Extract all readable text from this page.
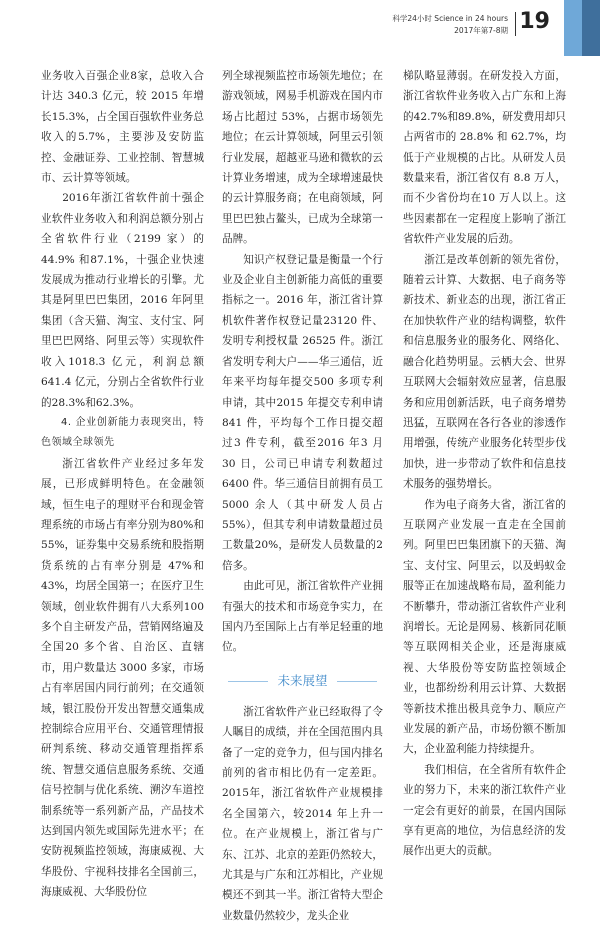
科学24小时 Science in 24 hours
2017年第7-8期 19

业务收入百强企业8家，总收入合计达 340.3 亿元，较 2015 年增长15.3%，占全国百强软件业务总收入的5.7%，主要涉及安防监控、金融证券、工业控制、智慧城市、云计算等领域。

2016年浙江省软件前十强企业软件业务收入和利润总额分别占全省软件行业（2199 家）的 44.9% 和87.1%，十强企业快速发展成为推动行业增长的引擎。尤其是阿里巴巴集团，2016 年阿里集团（含天猫、淘宝、支付宝、阿里巴巴网络、阿里云等）实现软件收入1018.3 亿元，利润总额641.4 亿元，分别占全省软件行业的28.3%和62.3%。

4. 企业创新能力表现突出，特色领域全球领先

浙江省软件产业经过多年发展，已形成鲜明特色。在金融领域，恒生电子的理财平台和现金管理系统的市场占有率分别为80%和55%，证券集中交易系统和股指期货系统的占有率分别是 47%和 43%，均居全国第一；在医疗卫生领域，创业软件拥有八大系列100 多个自主研发产品，营销网络遍及全国20 多个省、自治区、直辖市，用户数量达 3000 多家，市场占有率居国内同行前列；在交通领域，银江股份开发出智慧交通集成控制综合应用平台、交通管理情报研判系统、移动交通管理指挥系统、智慧交通信息服务系统、交通信号控制与优化系统、溯汐车道控制系统等一系列新产品，产品技术达到国内领先或国际先进水平；在安防视频监控领域，海康威视、大华股份、宇视科技排名全国前三，海康威视、大华股份位

列全球视频监控市场领先地位；在游戏领域，网易手机游戏在国内市场占比超过 53%，占据市场领先地位；在云计算领域，阿里云引领行业发展，超越亚马逊和微软的云计算业务增速，成为全球增速最快的云计算服务商；在电商领域，阿里巴巴独占鳌头，已成为全球第一品牌。

知识产权登记量是衡量一个行业及企业自主创新能力高低的重要指标之一。2016 年，浙江省计算机软件著作权登记量23120 件、发明专利授权量 26525 件。浙江省发明专利大户——华三通信，近年来平均每年提交500 多项专利申请，其中2015 年提交专利申请841 件，平均每个工作日提交超过3 件专利，截至2016 年3 月 30 日，公司已申请专利数超过6400 件。华三通信目前拥有员工5000 余人（其中研发人员占55%），但其专利申请数量超过员工数量20%，是研发人员数量的2 倍多。

由此可见，浙江省软件产业拥有强大的技术和市场竞争实力，在国内乃至国际上占有举足轻重的地位。

未来展望

浙江省软件产业已经取得了令人瞩目的成绩，并在全国范围内具备了一定的竞争力，但与国内排名前列的省市相比仍有一定差距。2015年，浙江省软件产业规模排名全国第六，较2014 年上升一位。在产业规模上，浙江省与广东、江苏、北京的差距仍然较大，尤其是与广东和江苏相比，产业规模还不到其一半。浙江省特大型企业数量仍然较少，龙头企业

梯队略显薄弱。在研发投入方面，浙江省软件业务收入占广东和上海的42.7%和89.8%，研发费用却只占两省市的 28.8% 和 62.7%，均低于产业规模的占比。从研发人员数量来看，浙江省仅有 8.8 万人，而不少省份均在10 万人以上。这些因素都在一定程度上影响了浙江省软件产业发展的后劲。

浙江是改革创新的领先省份，随着云计算、大数据、电子商务等新技术、新业态的出现，浙江省正在加快软件产业的结构调整，软件和信息服务业的服务化、网络化、融合化趋势明显。云栖大会、世界互联网大会辐射效应显著，信息服务和应用创新活跃，电子商务增势迅猛，互联网在各行各业的渗透作用增强，传统产业服务化转型步伐加快，进一步带动了软件和信息技术服务的强势增长。

作为电子商务大省，浙江省的互联网产业发展一直走在全国前列。阿里巴巴集团旗下的天猫、淘宝、支付宝、阿里云，以及蚂蚁金服等正在加速战略布局，盈利能力不断攀升，带动浙江省软件产业利润增长。无论是网易、核新同花顺等互联网相关企业，还是海康威视、大华股份等安防监控领域企业，也都纷纷利用云计算、大数据等新技术推出极具竞争力、顺应产业发展的新产品，市场份额不断加大，企业盈利能力持续提升。

我们相信，在全省所有软件企业的努力下，未来的浙江软件产业一定会有更好的前景，在国内国际享有更高的地位，为信息经济的发展作出更大的贡献。
